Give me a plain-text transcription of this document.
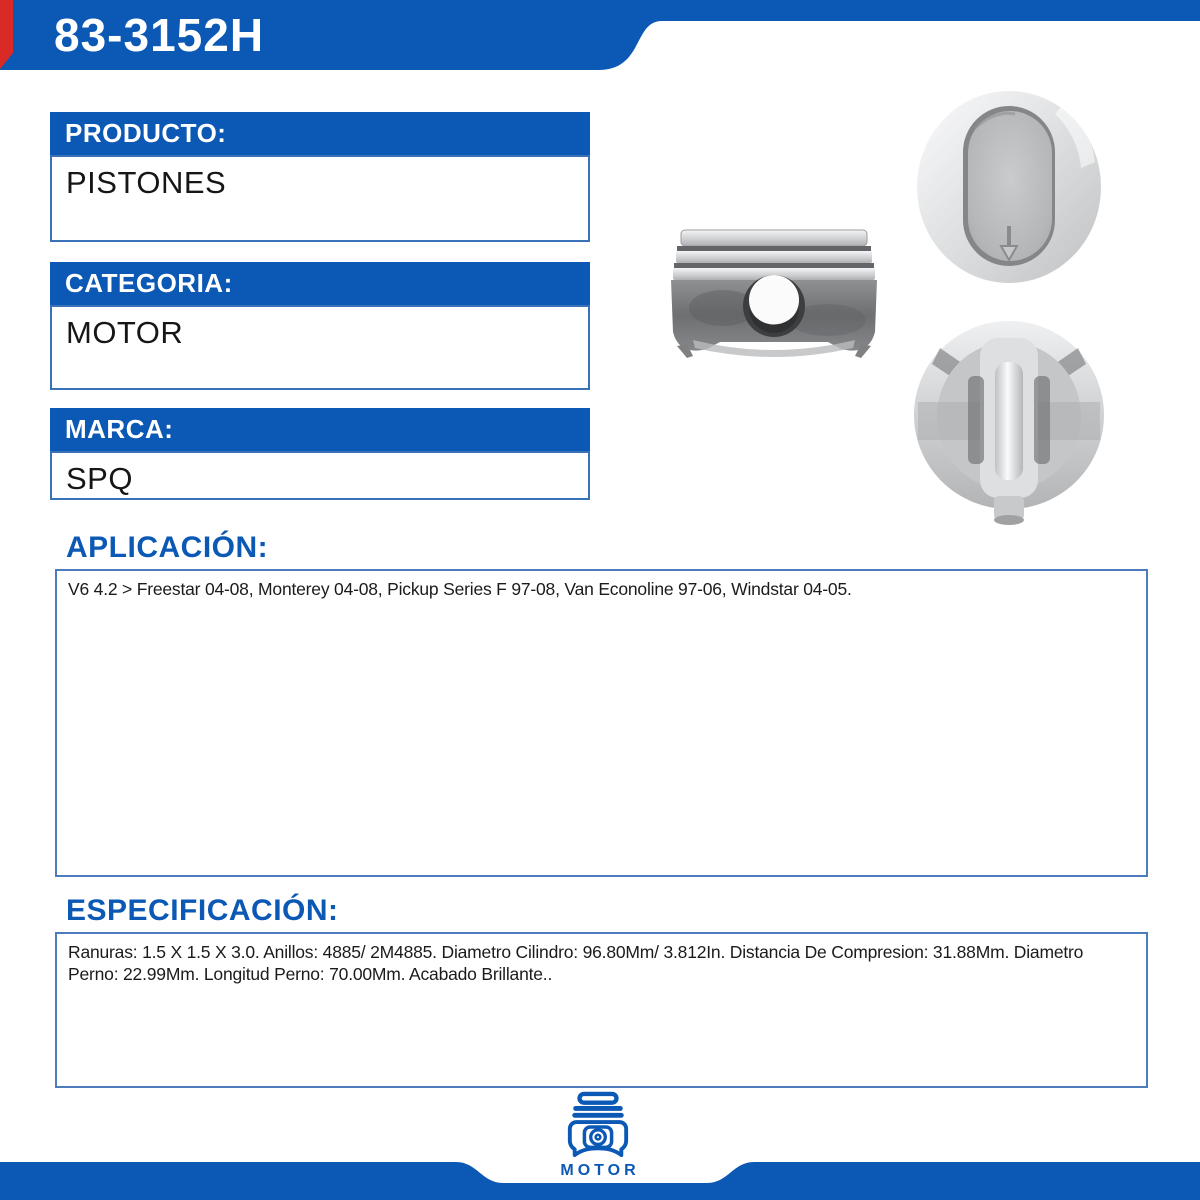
83-3152H
PRODUCTO:
PISTONES
CATEGORIA:
MOTOR
MARCA:
SPQ
APLICACIÓN:
V6 4.2 > Freestar 04-08, Monterey 04-08, Pickup Series F 97-08, Van Econoline 97-06, Windstar 04-05.
ESPECIFICACIÓN:
Ranuras: 1.5 X 1.5 X 3.0. Anillos: 4885/ 2M4885. Diametro Cilindro: 96.80Mm/ 3.812In. Distancia De Compresion: 31.88Mm. Diametro Perno: 22.99Mm. Longitud Perno: 70.00Mm. Acabado Brillante..
MOTOR
